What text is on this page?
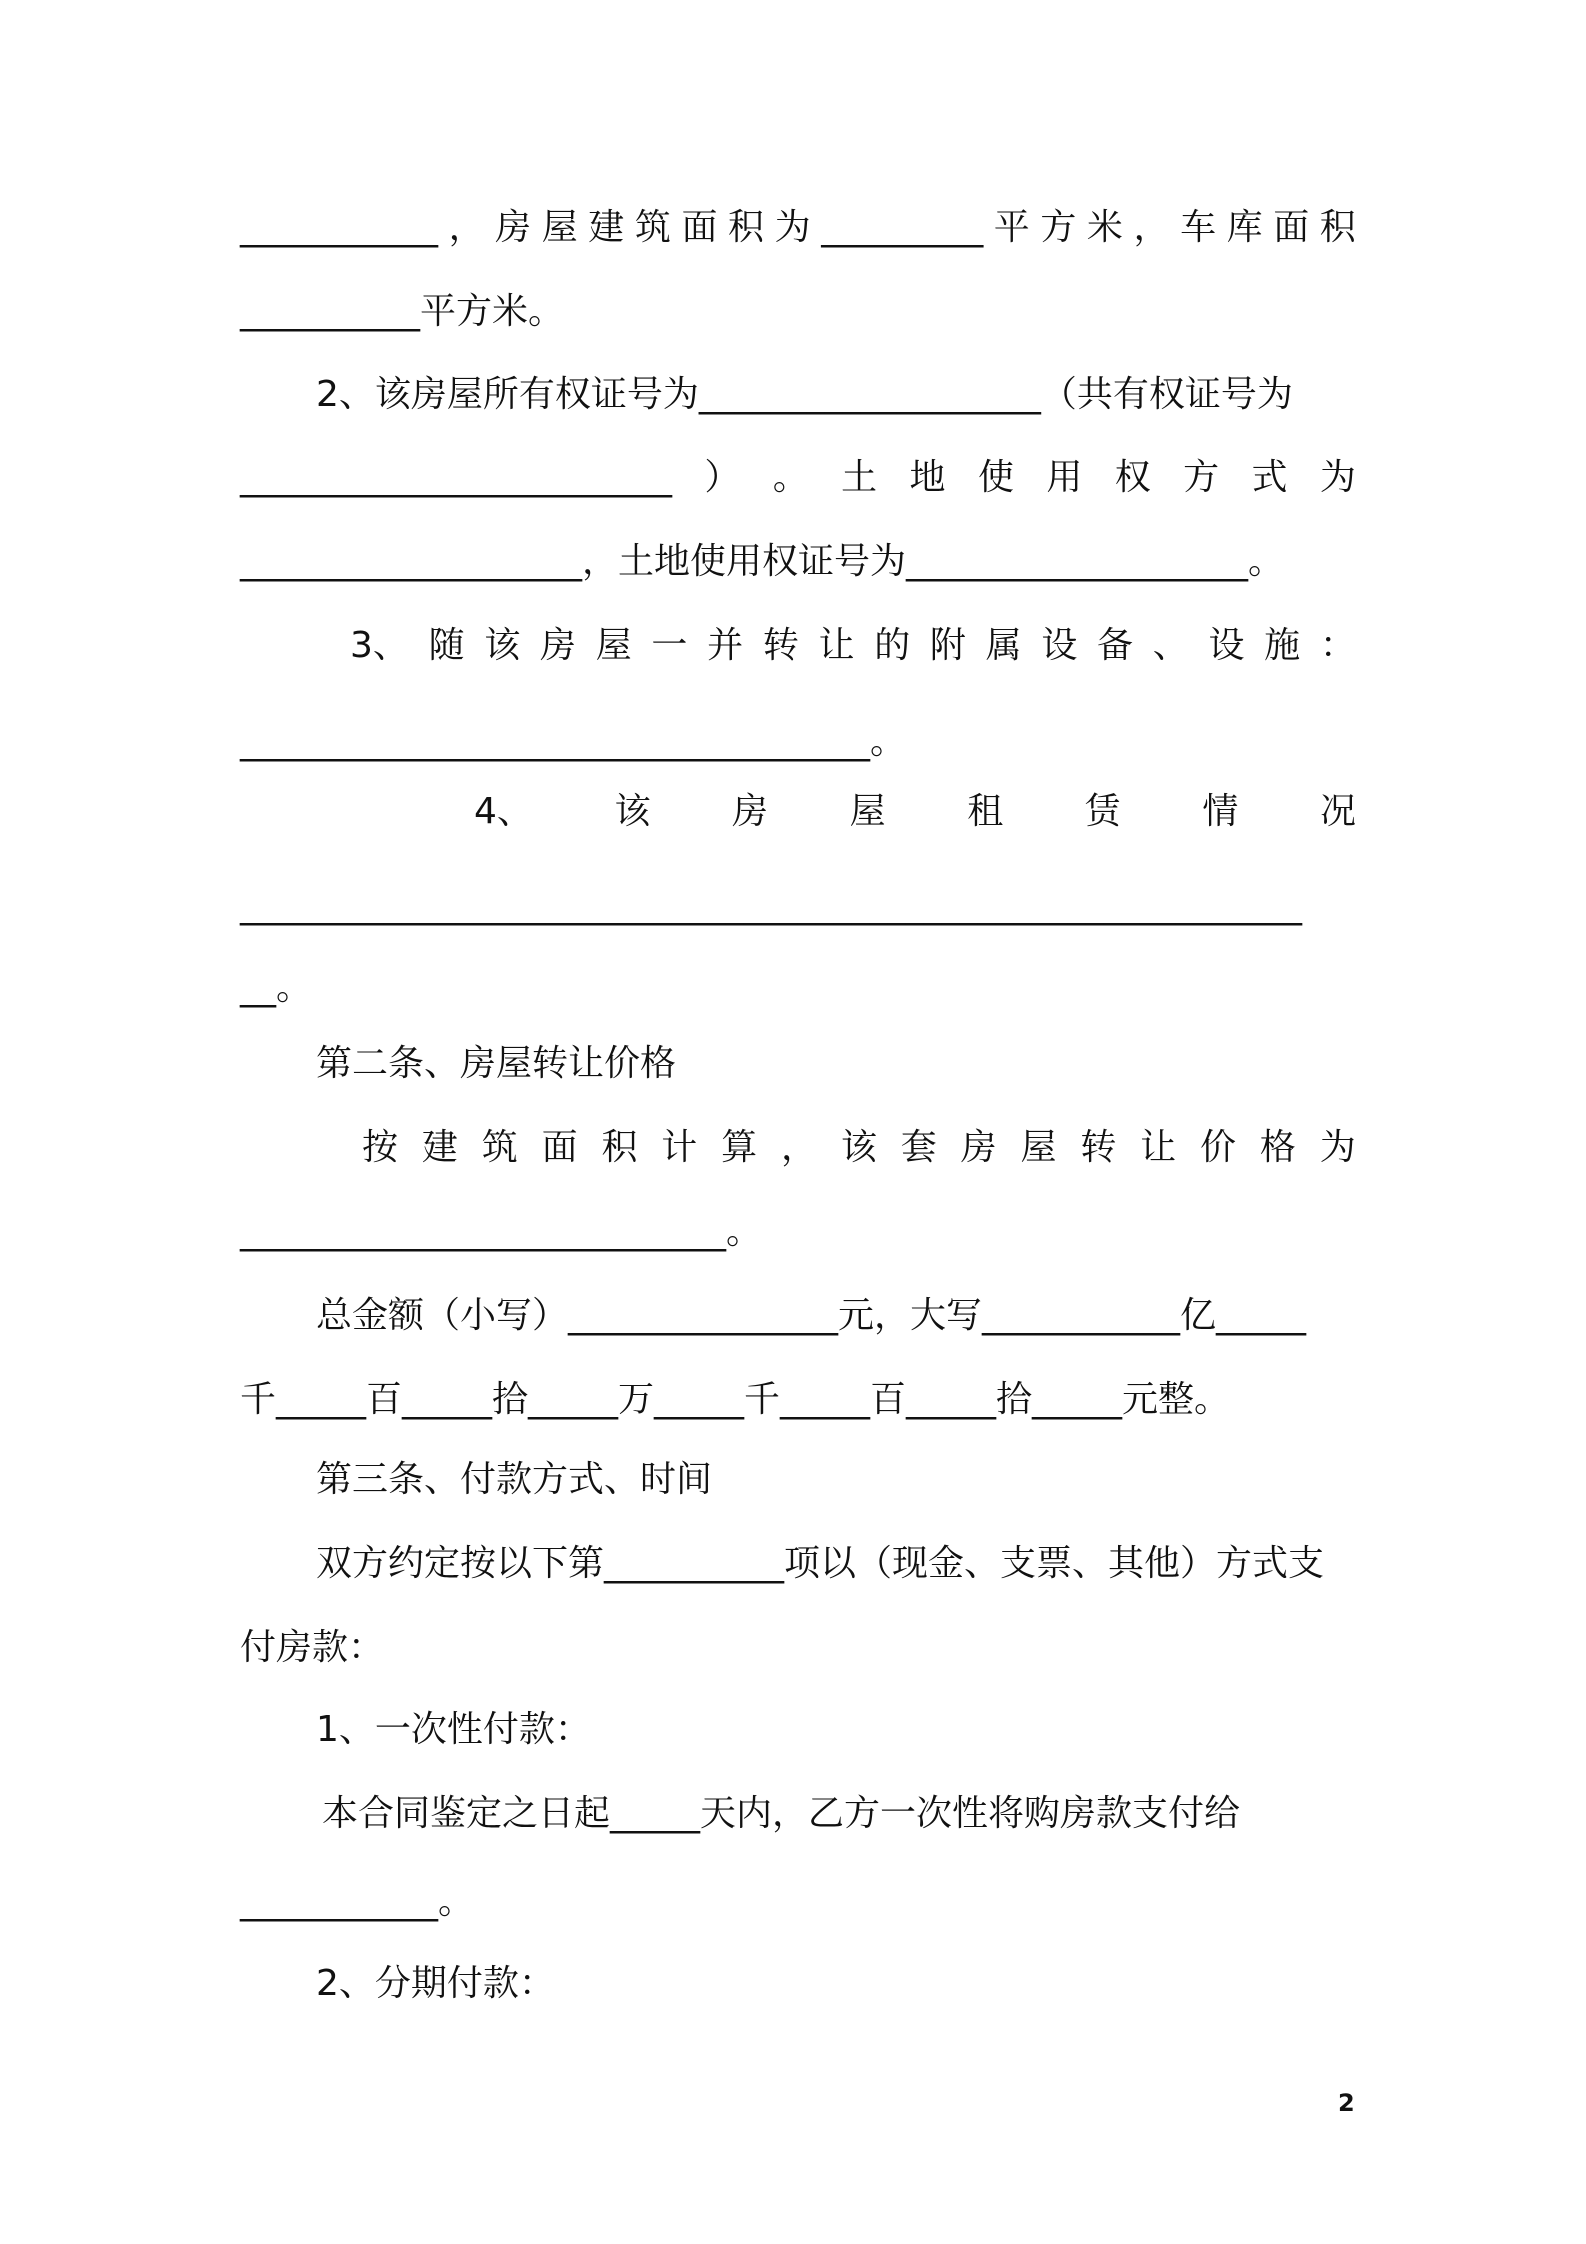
___________ ， 房 屋 建 筑 面 积 为 _________ 平 方 米 ， 车 库 面 积
__________平方米。
2、该房屋所有权证号为___________________（共有权证号为
________________________ ） 。 土 地 使 用 权 方 式 为
___________________，土地使用权证号为___________________。
3、 随 该 房 屋 一 并 转 让 的 附 属 设 备 、 设 施 ：
___________________________________。
4、 该 房 屋 租 赁 情 况
___________________________________________________________
__。
第二条、房屋转让价格
按 建 筑 面 积 计 算 ， 该 套 房 屋 转 让 价 格 为
___________________________。
总金额（小写）_______________元，大写___________亿_____
千_____百_____拾_____万_____千_____百_____拾_____元整。
第三条、付款方式、时间
双方约定按以下第__________项以（现金、支票、其他）方式支
付房款：
1、一次性付款：
本合同鉴定之日起_____天内，乙方一次性将购房款支付给
___________。
2、分期付款：
2
